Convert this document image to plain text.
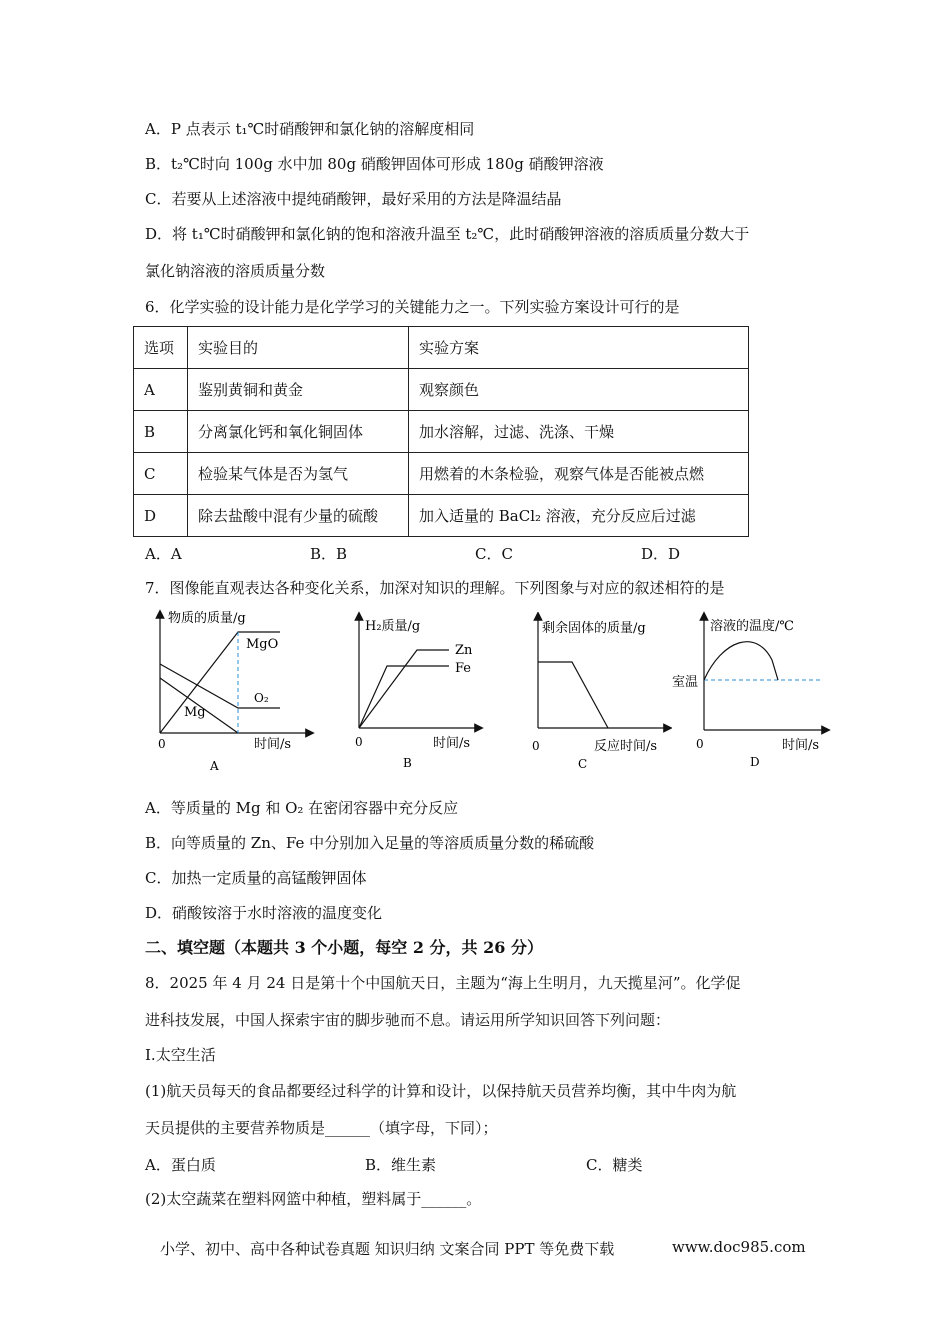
A．P 点表示 t₁℃时硝酸钾和氯化钠的溶解度相同
B．t₂℃时向 100g 水中加 80g 硝酸钾固体可形成 180g 硝酸钾溶液
C．若要从上述溶液中提纯硝酸钾，最好采用的方法是降温结晶
D．将 t₁℃时硝酸钾和氯化钠的饱和溶液升温至 t₂℃，此时硝酸钾溶液的溶质质量分数大于
氯化钠溶液的溶质质量分数
6．化学实验的设计能力是化学学习的关键能力之一。下列实验方案设计可行的是
选项	实验目的	实验方案
A	鉴别黄铜和黄金	观察颜色
B	分离氯化钙和氧化铜固体	加水溶解，过滤、洗涤、干燥
C	检验某气体是否为氢气	用燃着的木条检验，观察气体是否能被点燃
D	除去盐酸中混有少量的硫酸	加入适量的 BaCl₂ 溶液，充分反应后过滤
A．A	B．B	C．C	D．D
7．图像能直观表达各种变化关系，加深对知识的理解。下列图象与对应的叙述相符的是
物质的质量/g
时间/s
0
MgO
O₂
Mg
A
H₂质量/g
时间/s
0
Zn
Fe
B
剩余固体的质量/g
反应时间/s
0
C
溶液的温度/℃
时间/s
0
室温
D
A．等质量的 Mg 和 O₂ 在密闭容器中充分反应
B．向等质量的 Zn、Fe 中分别加入足量的等溶质质量分数的稀硫酸
C．加热一定质量的高锰酸钾固体
D．硝酸铵溶于水时溶液的温度变化
二、填空题（本题共 3 个小题，每空 2 分，共 26 分）
8．2025 年 4 月 24 日是第十个中国航天日，主题为“海上生明月，九天揽星河”。化学促
进科技发展，中国人探索宇宙的脚步驰而不息。请运用所学知识回答下列问题：
I.太空生活
(1)航天员每天的食品都要经过科学的计算和设计，以保持航天员营养均衡，其中牛肉为航
天员提供的主要营养物质是______（填字母，下同）；
A．蛋白质	B．维生素	C．糖类
(2)太空蔬菜在塑料网篮中种植，塑料属于______。
小学、初中、高中各种试卷真题 知识归纳 文案合同 PPT 等免费下载	www.doc985.com
